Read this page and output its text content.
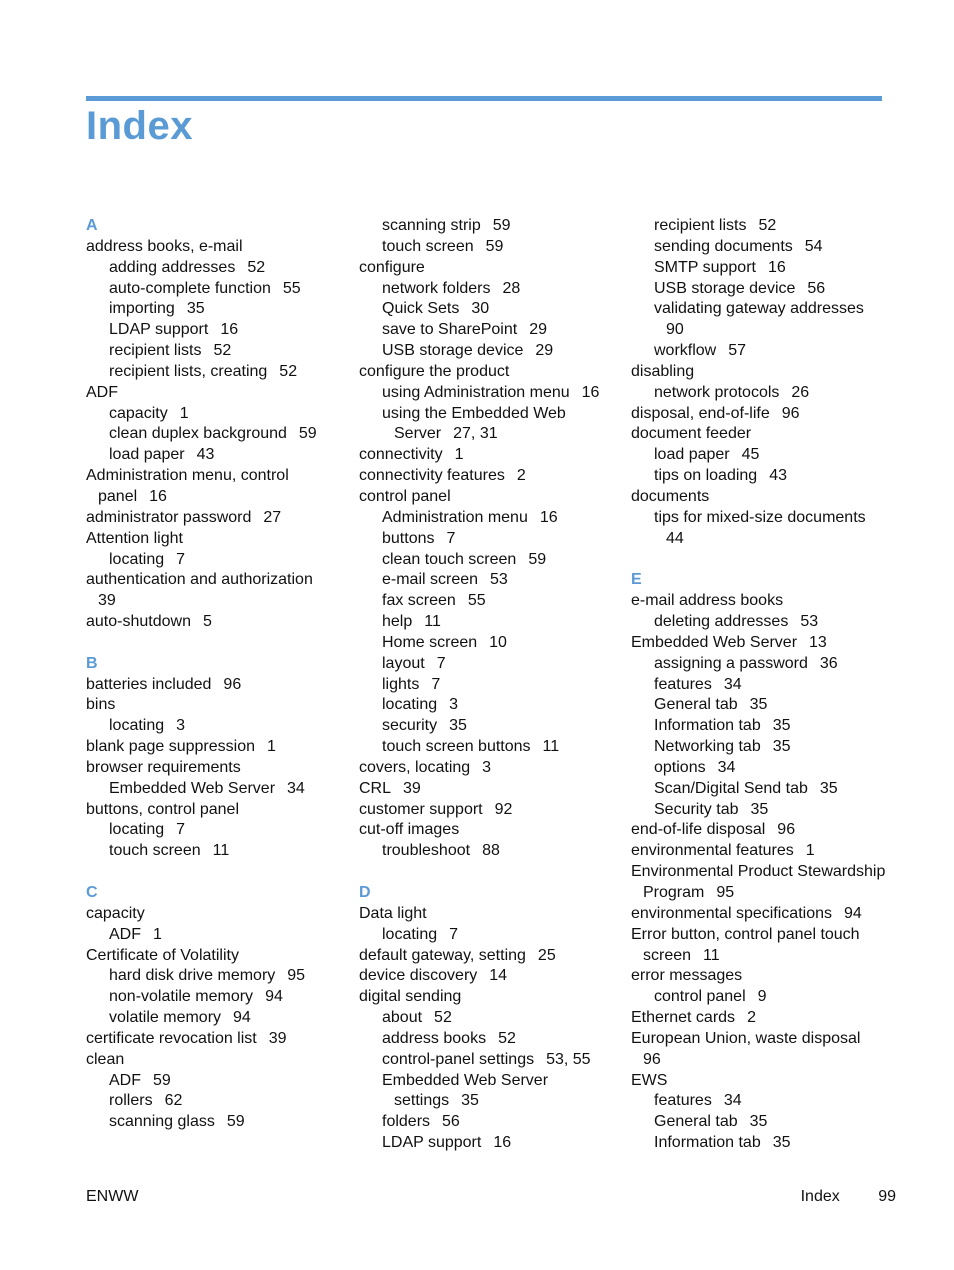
Index
A
address books, e-mail
adding addresses 52
auto-complete function 55
importing 35
LDAP support 16
recipient lists 52
recipient lists, creating 52
ADF
capacity 1
clean duplex background 59
load paper 43
Administration menu, control
panel 16
administrator password 27
Attention light
locating 7
authentication and authorization
39
auto-shutdown 5
B
batteries included 96
bins
locating 3
blank page suppression 1
browser requirements
Embedded Web Server 34
buttons, control panel
locating 7
touch screen 11
C
capacity
ADF 1
Certificate of Volatility
hard disk drive memory 95
non-volatile memory 94
volatile memory 94
certificate revocation list 39
clean
ADF 59
rollers 62
scanning glass 59
scanning strip 59
touch screen 59
configure
network folders 28
Quick Sets 30
save to SharePoint 29
USB storage device 29
configure the product
using Administration menu 16
using the Embedded Web
Server 27, 31
connectivity 1
connectivity features 2
control panel
Administration menu 16
buttons 7
clean touch screen 59
e-mail screen 53
fax screen 55
help 11
Home screen 10
layout 7
lights 7
locating 3
security 35
touch screen buttons 11
covers, locating 3
CRL 39
customer support 92
cut-off images
troubleshoot 88
D
Data light
locating 7
default gateway, setting 25
device discovery 14
digital sending
about 52
address books 52
control-panel settings 53, 55
Embedded Web Server
settings 35
folders 56
LDAP support 16
recipient lists 52
sending documents 54
SMTP support 16
USB storage device 56
validating gateway addresses
90
workflow 57
disabling
network protocols 26
disposal, end-of-life 96
document feeder
load paper 45
tips on loading 43
documents
tips for mixed-size documents
44
E
e-mail address books
deleting addresses 53
Embedded Web Server 13
assigning a password 36
features 34
General tab 35
Information tab 35
Networking tab 35
options 34
Scan/Digital Send tab 35
Security tab 35
end-of-life disposal 96
environmental features 1
Environmental Product Stewardship
Program 95
environmental specifications 94
Error button, control panel touch
screen 11
error messages
control panel 9
Ethernet cards 2
European Union, waste disposal
96
EWS
features 34
General tab 35
Information tab 35
ENWW	Index 99
